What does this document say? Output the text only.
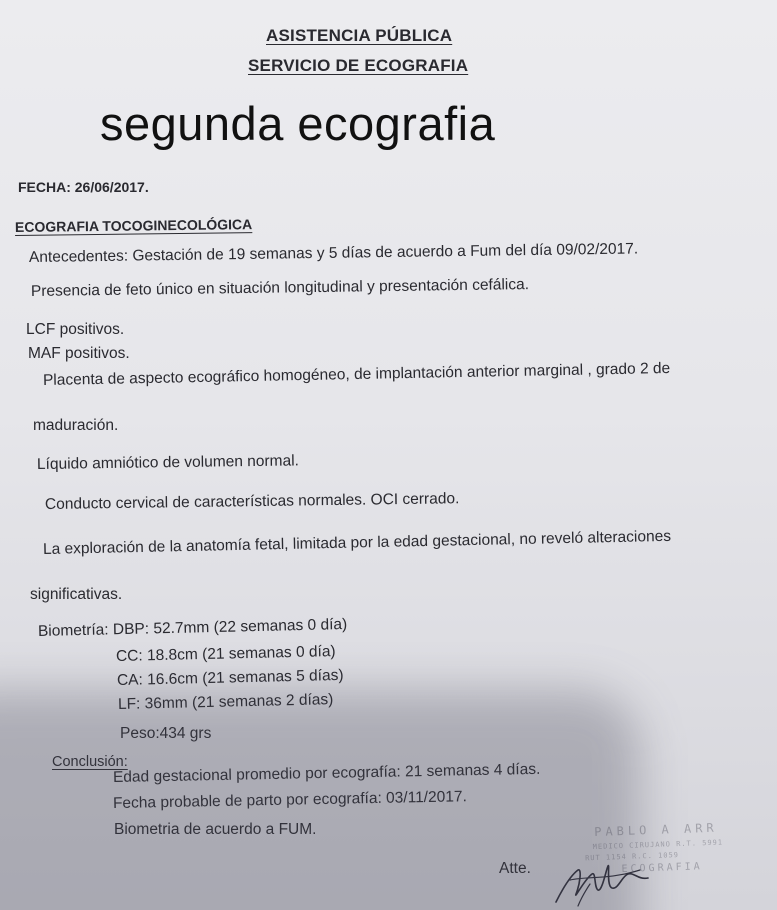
ASISTENCIA PÚBLICA
SERVICIO DE ECOGRAFIA
segunda ecografia
FECHA: 26/06/2017.
ECOGRAFIA TOCOGINECOLÓGICA
Antecedentes: Gestación de 19 semanas y 5 días de acuerdo a Fum del día 09/02/2017.
Presencia de feto único en situación longitudinal y presentación cefálica.
LCF positivos.
MAF positivos.
Placenta de aspecto ecográfico homogéneo, de implantación anterior marginal , grado 2 de
maduración.
Líquido amniótico de volumen normal.
Conducto cervical de características normales. OCI cerrado.
La exploración de la anatomía fetal, limitada por la edad gestacional, no reveló alteraciones
significativas.
Biometría: DBP: 52.7mm (22 semanas 0 día)
CC: 18.8cm (21 semanas 0 día)
CA: 16.6cm (21 semanas 5 días)
LF: 36mm (21 semanas 2 días)
Peso:434 grs
Conclusión:
Edad gestacional promedio por ecografía: 21 semanas 4 días.
Fecha probable de parto por ecografía: 03/11/2017.
Biometria de acuerdo a FUM.
Atte.
PABLO A ARR
MEDICO CIRUJANO R.T. 5991
RUT 1154 R.C. 1059
ECOGRAFIA
